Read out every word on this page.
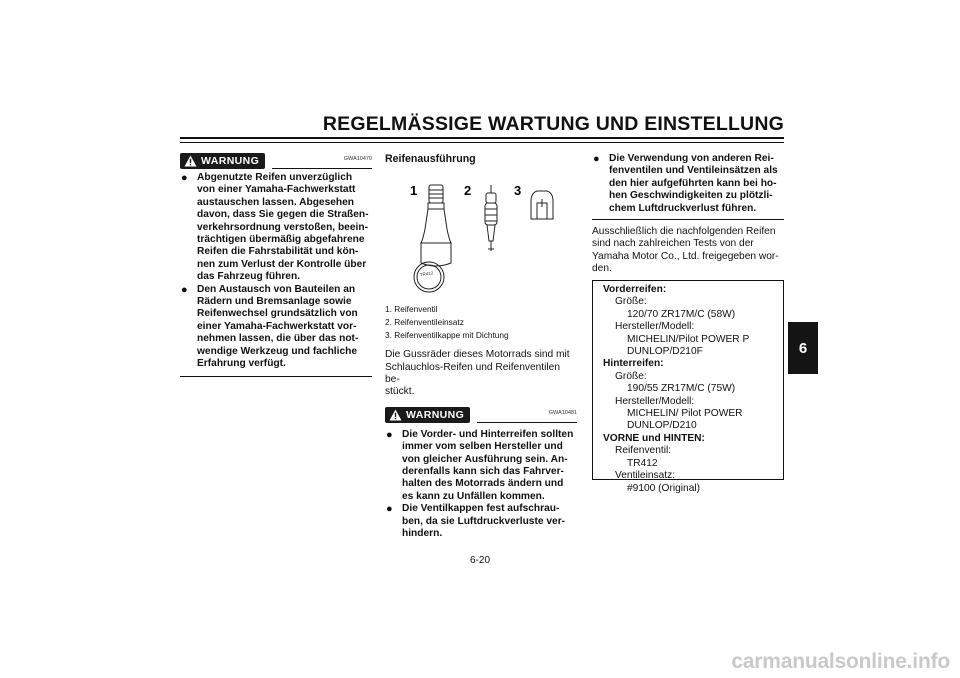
REGELMÄSSIGE WARTUNG UND EINSTELLUNG
6
WARNUNG	GWA10470
● Abgenutzte Reifen unverzüglich
von einer Yamaha-Fachwerkstatt
austauschen lassen. Abgesehen
davon, dass Sie gegen die Straßen-
verkehrsordnung verstoßen, beein-
trächtigen übermäßig abgefahrene
Reifen die Fahrstabilität und kön-
nen zum Verlust der Kontrolle über
das Fahrzeug führen.
● Den Austausch von Bauteilen an
Rädern und Bremsanlage sowie
Reifenwechsel grundsätzlich von
einer Yamaha-Fachwerkstatt vor-
nehmen lassen, die über das not-
wendige Werkzeug und fachliche
Erfahrung verfügt.
Reifenausführung
1	2	3
TR412
1. Reifenventil
2. Reifenventileinsatz
3. Reifenventilkappe mit Dichtung
Die Gussräder dieses Motorrads sind mit
Schlauchlos-Reifen und Reifenventilen be-
stückt.
WARNUNG	GWA10481
● Die Vorder- und Hinterreifen sollten
immer vom selben Hersteller und
von gleicher Ausführung sein. An-
derenfalls kann sich das Fahrver-
halten des Motorrads ändern und
es kann zu Unfällen kommen.
● Die Ventilkappen fest aufschrau-
ben, da sie Luftdruckverluste ver-
hindern.
● Die Verwendung von anderen Rei-
fenventilen und Ventileinsätzen als
den hier aufgeführten kann bei ho-
hen Geschwindigkeiten zu plötzli-
chem Luftdruckverlust führen.
Ausschließlich die nachfolgenden Reifen
sind nach zahlreichen Tests von der
Yamaha Motor Co., Ltd. freigegeben wor-
den.
Vorderreifen:
Größe:
120/70 ZR17M/C (58W)
Hersteller/Modell:
MICHELIN/Pilot POWER P
DUNLOP/D210F
Hinterreifen:
Größe:
190/55 ZR17M/C (75W)
Hersteller/Modell:
MICHELIN/ Pilot POWER
DUNLOP/D210
VORNE und HINTEN:
Reifenventil:
TR412
Ventileinsatz:
#9100 (Original)
6-20
carmanualsonline.info
